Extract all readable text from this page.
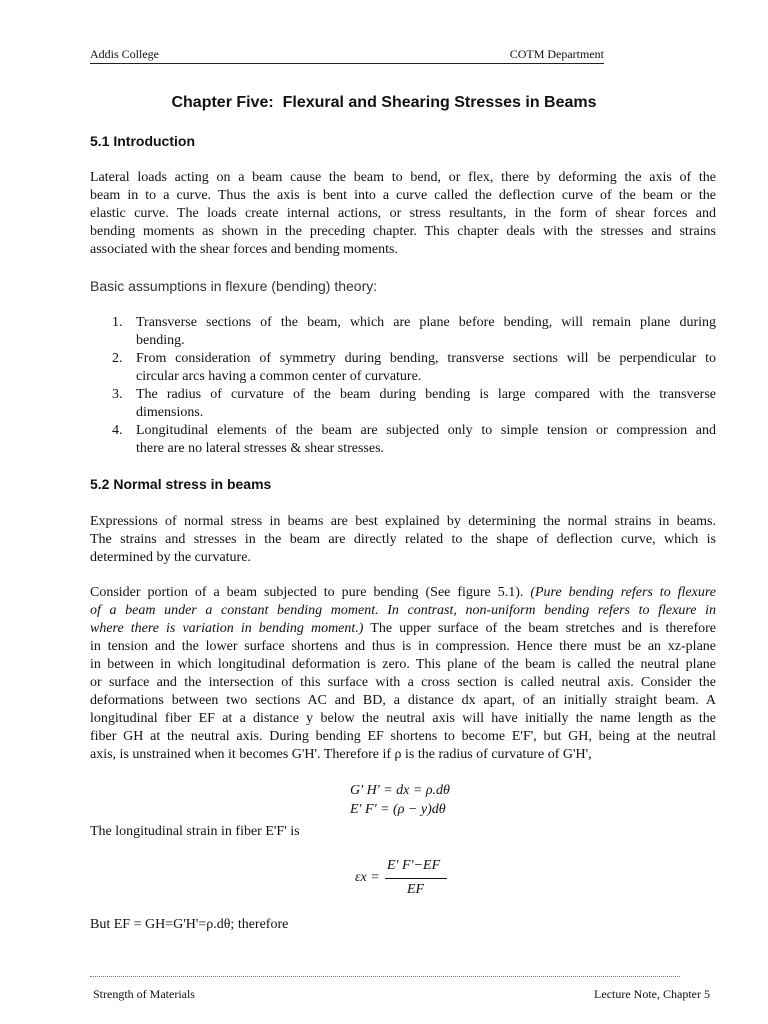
Addis College	COTM Department
Chapter Five:  Flexural and Shearing Stresses in Beams
5.1 Introduction
Lateral loads acting on a beam cause the beam to bend, or flex, there by deforming the axis of the
beam in to a curve. Thus the axis is bent into a curve called the deflection curve of the beam or the
elastic curve. The loads create internal actions, or stress resultants, in the form of shear forces and
bending moments as shown in the preceding chapter. This chapter deals with the stresses and strains
associated with the shear forces and bending moments.
Basic assumptions in flexure (bending) theory:
1. Transverse sections of the beam, which are plane before bending, will remain plane during
bending.
2. From consideration of symmetry during bending, transverse sections will be perpendicular to
circular arcs having a common center of curvature.
3. The radius of curvature of the beam during bending is large compared with the transverse
dimensions.
4. Longitudinal elements of the beam are subjected only to simple tension or compression and
there are no lateral stresses & shear stresses.
5.2 Normal stress in beams
Expressions of normal stress in beams are best explained by determining the normal strains in beams.
The strains and stresses in the beam are directly related to the shape of deflection curve, which is
determined by the curvature.
Consider portion of a beam subjected to pure bending (See figure 5.1). (Pure bending refers to flexure
of a beam under a constant bending moment. In contrast, non-uniform bending refers to flexure in
where there is variation in bending moment.) The upper surface of the beam stretches and is therefore
in tension and the lower surface shortens and thus is in compression. Hence there must be an xz-plane
in between in which longitudinal deformation is zero. This plane of the beam is called the neutral plane
or surface and the intersection of this surface with a cross section is called neutral axis. Consider the
deformations between two sections AC and BD, a distance dx apart, of an initially straight beam. A
longitudinal fiber EF at a distance y below the neutral axis will have initially the name length as the
fiber GH at the neutral axis. During bending EF shortens to become E'F', but GH, being at the neutral
axis, is unstrained when it becomes G'H'. Therefore if ρ is the radius of curvature of G'H',
G' H' = dx = ρ.dθ
E' F' = (ρ − y)dθ
The longitudinal strain in fiber E'F' is
εx =
E' F'−EF
EF
But EF = GH=G'H'=ρ.dθ; therefore
Strength of Materials	Lecture Note, Chapter 5
